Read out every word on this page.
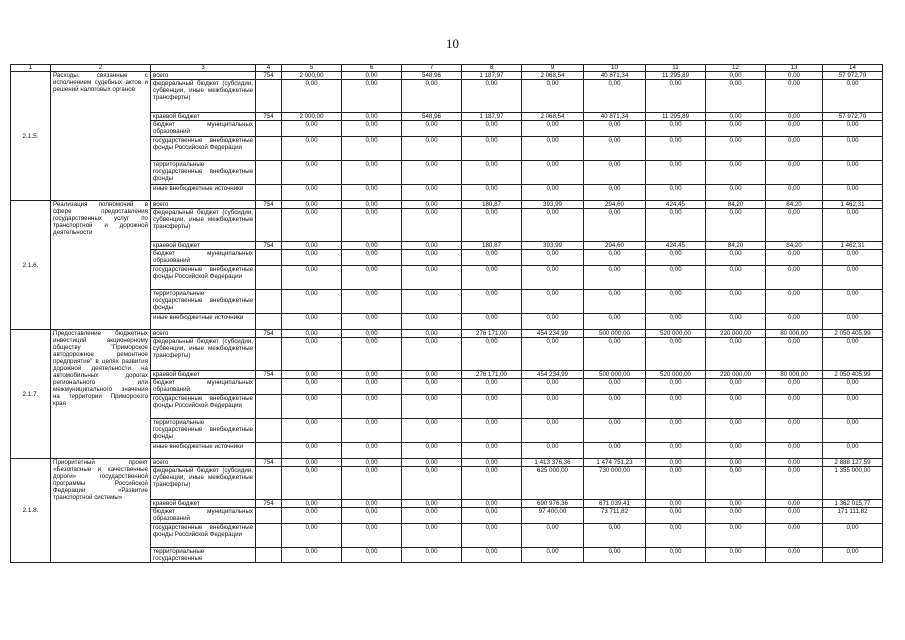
10
1	2	3	4	5	6	7	8	9	10	11	12	13	14
2.1.5.	Расходы, связанные с исполнением судебных актов и решений налоговых органов	всего	754	2 000,00	0,00	548,96	1 187,97	2 068,54	40 871,34	11 295,89	0,00	0,00	57 972,70
		федеральный бюджет (субсидии, субвенции, иные межбюджетные трансферты)		0,00	0,00	0,00	0,00	0,00	0,00	0,00	0,00	0,00	0,00
		краевой бюджет	754	2 000,00	0,00	548,96	1 187,97	2 068,54	40 871,34	11 295,89	0,00	0,00	57 972,70
		бюджет муниципальных образований		0,00	0,00	0,00	0,00	0,00	0,00	0,00	0,00	0,00	0,00
		государственные внебюджетные фонды Российской Федерации		0,00	0,00	0,00	0,00	0,00	0,00	0,00	0,00	0,00	0,00
		территориальные государственные внебюджетные фонды		0,00	0,00	0,00	0,00	0,00	0,00	0,00	0,00	0,00	0,00
		иные внебюджетные источники		0,00	0,00	0,00	0,00	0,00	0,00	0,00	0,00	0,00	0,00
2.1.6.	Реализация полномочий в сфере предоставления государственных услуг по транспортной и дорожной деятельности	всего	754	0,00	0,00	0,00	180,87	393,99	294,60	424,45	84,20	84,20	1 462,31
		федеральный бюджет (субсидии, субвенции, иные межбюджетные трансферты)		0,00	0,00	0,00	0,00	0,00	0,00	0,00	0,00	0,00	0,00
		краевой бюджет	754	0,00	0,00	0,00	180,87	393,99	294,60	424,45	84,20	84,20	1 462,31
		бюджет муниципальных образований		0,00	0,00	0,00	0,00	0,00	0,00	0,00	0,00	0,00	0,00
		государственные внебюджетные фонды Российской Федерации		0,00	0,00	0,00	0,00	0,00	0,00	0,00	0,00	0,00	0,00
		территориальные государственные внебюджетные фонды		0,00	0,00	0,00	0,00	0,00	0,00	0,00	0,00	0,00	0,00
		иные внебюджетные источники		0,00	0,00	0,00	0,00	0,00	0,00	0,00	0,00	0,00	0,00
2.1.7.	Предоставление бюджетных инвестиций акционерному обществу "Приморское автодорожное ремонтное предприятие" в целях развития дорожной деятельности на автомобильных дорогах регионального или межмуниципального значения на территории Приморского края	всего	754	0,00	0,00	0,00	276 171,00	454 234,99	500 000,00	520 000,00	220 000,00	80 000,00	2 050 405,99
		федеральный бюджет (субсидии, субвенции, иные межбюджетные трансферты)		0,00	0,00	0,00	0,00	0,00	0,00	0,00	0,00	0,00	0,00
		краевой бюджет	754	0,00	0,00	0,00	276 171,00	454 234,99	500 000,00	520 000,00	220 000,00	80 000,00	2 050 405,99
		бюджет муниципальных образований		0,00	0,00	0,00	0,00	0,00	0,00	0,00	0,00	0,00	0,00
		государственные внебюджетные фонды Российской Федерации		0,00	0,00	0,00	0,00	0,00	0,00	0,00	0,00	0,00	0,00
		территориальные государственные внебюджетные фонды		0,00	0,00	0,00	0,00	0,00	0,00	0,00	0,00	0,00	0,00
		иные внебюджетные источники		0,00	0,00	0,00	0,00	0,00	0,00	0,00	0,00	0,00	0,00
2.1.8.	Приоритетный проект «Безопасные и качественные дороги» государственной программы Российской Федерации «Развитие транспортной системы»	всего	754	0,00	0,00	0,00	0,00	1 413 376,36	1 474 751,23	0,00	0,00	0,00	2 888 127,59
		федеральный бюджет (субсидии, субвенции, иные межбюджетные трансферты)		0,00	0,00	0,00	0,00	625 000,00	730 000,00	0,00	0,00	0,00	1 355 000,00
		краевой бюджет	754	0,00	0,00	0,00	0,00	690 976,36	671 039,41	0,00	0,00	0,00	1 362 015,77
		бюджет муниципальных образований		0,00	0,00	0,00	0,00	97 400,00	73 711,82	0,00	0,00	0,00	171 111,82
		государственные внебюджетные фонды Российской Федерации		0,00	0,00	0,00	0,00	0,00	0,00	0,00	0,00	0,00	0,00
		территориальные государственные		0,00	0,00	0,00	0,00	0,00	0,00	0,00	0,00	0,00	0,00
